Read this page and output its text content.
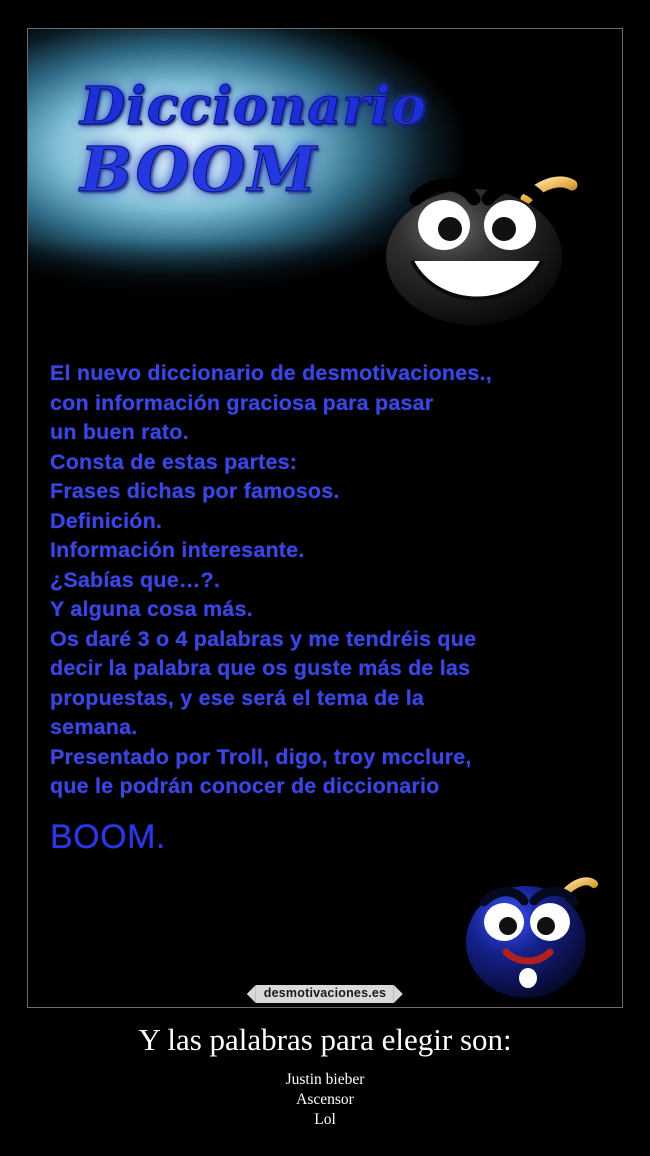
Diccionario
BOOM

El nuevo diccionario de desmotivaciones.,

con información graciosa para pasar

un buen rato.

Consta de estas partes:

Frases dichas por famosos.

Definición.

Información interesante.

¿Sabías que…?.

Y alguna cosa más.

Os daré 3 o 4 palabras y me tendréis que

decir la palabra que os guste más de las

propuestas, y ese será el tema de la

semana.

Presentado por Troll, digo, troy mcclure,

que le podrán conocer de diccionario

BOOM.
desmotivaciones.es
Y las palabras para elegir son:
Justin bieber
Ascensor
Lol
